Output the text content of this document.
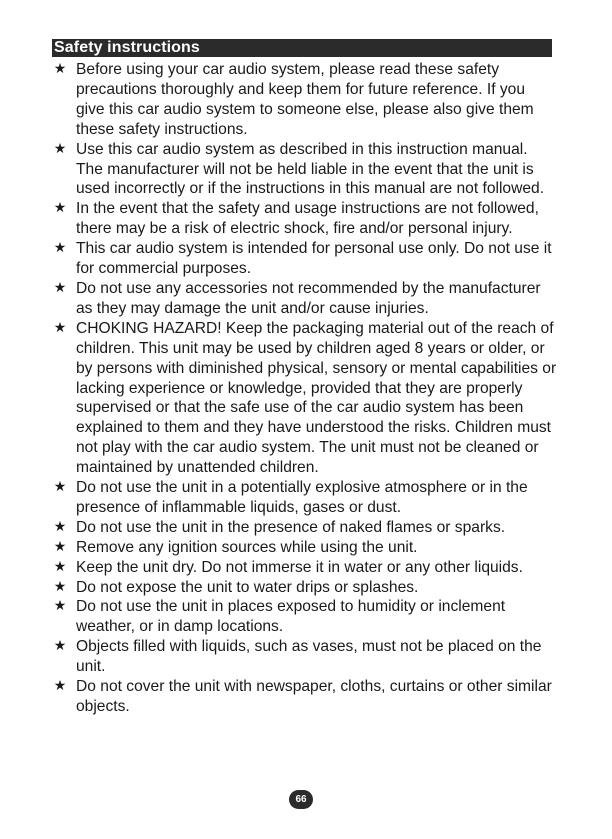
Safety instructions
★ Before using your car audio system, please read these safety precautions thoroughly and keep them for future reference. If you give this car audio system to someone else, please also give them these safety instructions.
★ Use this car audio system as described in this instruction manual. The manufacturer will not be held liable in the event that the unit is used incorrectly or if the instructions in this manual are not followed.
★ In the event that the safety and usage instructions are not followed, there may be a risk of electric shock, fire and/or personal injury.
★ This car audio system is intended for personal use only. Do not use it for commercial purposes.
★ Do not use any accessories not recommended by the manufacturer as they may damage the unit and/or cause injuries.
★ CHOKING HAZARD! Keep the packaging material out of the reach of children. This unit may be used by children aged 8 years or older, or by persons with diminished physical, sensory or mental capabilities or lacking experience or knowledge, provided that they are properly supervised or that the safe use of the car audio system has been explained to them and they have understood the risks. Children must not play with the car audio system. The unit must not be cleaned or maintained by unattended children.
★ Do not use the unit in a potentially explosive atmosphere or in the presence of inflammable liquids, gases or dust.
★ Do not use the unit in the presence of naked flames or sparks.
★ Remove any ignition sources while using the unit.
★ Keep the unit dry. Do not immerse it in water or any other liquids.
★ Do not expose the unit to water drips or splashes.
★ Do not use the unit in places exposed to humidity or inclement weather, or in damp locations.
★ Objects filled with liquids, such as vases, must not be placed on the unit.
★ Do not cover the unit with newspaper, cloths, curtains or other similar objects.
66
